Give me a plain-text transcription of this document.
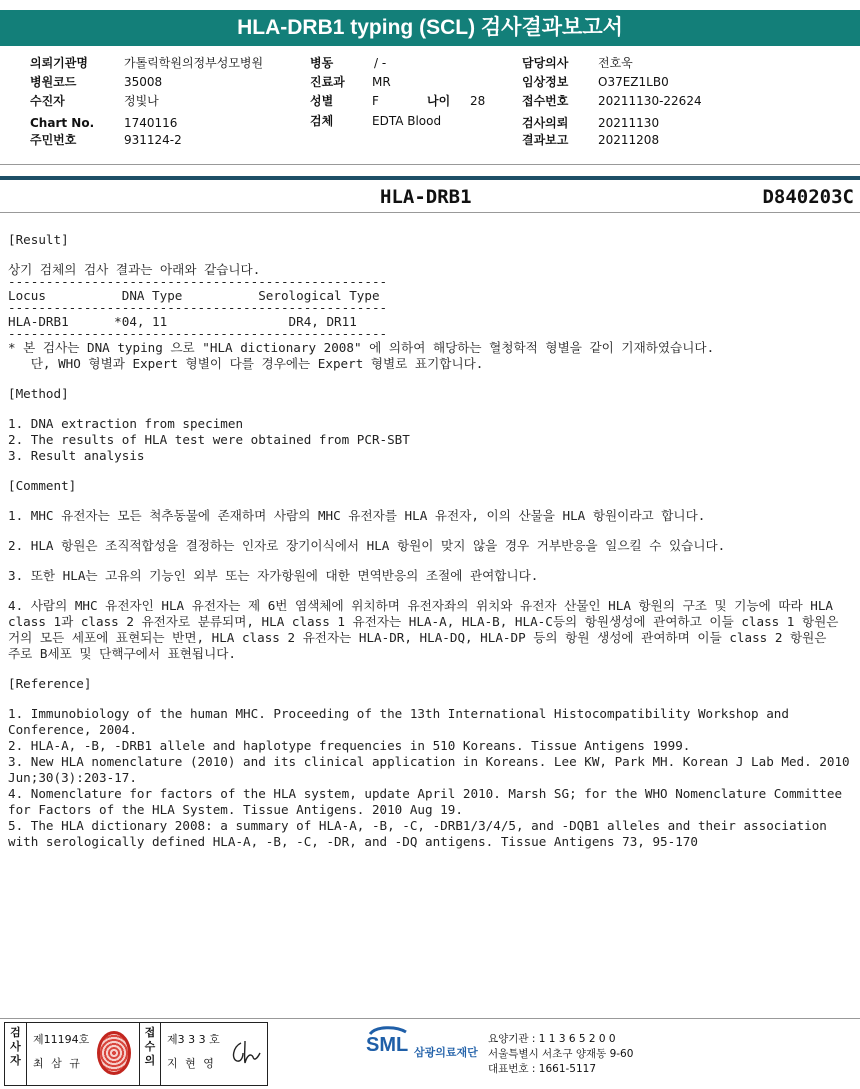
HLA-DRB1 typing (SCL) 검사결과보고서
의뢰기관명	가톨릭학원의정부성모병원
병원코드	35008
수진자	정빛나
Chart No. 1740116
주민번호	931124-2
병동	/ -
진료과 MR
성별	F	나이 28
검체	EDTA Blood
담당의사 전호욱
임상정보 O37EZ1LB0
접수번호 20211130-22624
검사의뢰 20211130
결과보고 20211208
HLA-DRB1	D840203C
[Result]
상기 검체의 검사 결과는 아래와 같습니다.
--------------------------------------------------
Locus          DNA Type          Serological Type
--------------------------------------------------
HLA-DRB1      *04, 11                DR4, DR11
--------------------------------------------------
* 본 검사는 DNA typing 으로 "HLA dictionary 2008" 에 의하여 해당하는 혈청학적 형별을 같이 기재하였습니다.
단, WHO 형별과 Expert 형별이 다를 경우에는 Expert 형별로 표기합니다.
[Method]
1. DNA extraction from specimen
2. The results of HLA test were obtained from PCR-SBT
3. Result analysis
[Comment]
1. MHC 유전자는 모든 척추동물에 존재하며 사람의 MHC 유전자를 HLA 유전자, 이의 산물을 HLA 항원이라고 합니다.
2. HLA 항원은 조직적합성을 결정하는 인자로 장기이식에서 HLA 항원이 맞지 않을 경우 거부반응을 일으킬 수 있습니다.
3. 또한 HLA는 고유의 기능인 외부 또는 자가항원에 대한 면역반응의 조절에 관여합니다.
4. 사람의 MHC 유전자인 HLA 유전자는 제 6번 염색체에 위치하며 유전자좌의 위치와 유전자 산물인 HLA 항원의 구조 및 기능에 따라 HLA class 1과 class 2 유전자로 분류되며, HLA class 1 유전자는 HLA-A, HLA-B, HLA-C등의 항원생성에 관여하고 이들 class 1 항원은 거의 모든 세포에 표현되는 반면, HLA class 2 유전자는 HLA-DR, HLA-DQ, HLA-DP 등의 항원 생성에 관여하며 이들 class 2 항원은 주로 B세포 및 단핵구에서 표현됩니다.
[Reference]
1. Immunobiology of the human MHC. Proceeding of the 13th International Histocompatibility Workshop and Conference, 2004.
2. HLA-A, -B, -DRB1 allele and haplotype frequencies in 510 Koreans. Tissue Antigens 1999.
3. New HLA nomenclature (2010) and its clinical application in Koreans. Lee KW, Park MH. Korean J Lab Med. 2010 Jun;30(3):203-17.
4. Nomenclature for factors of the HLA system, update April 2010. Marsh SG; for the WHO Nomenclature Committee for Factors of the HLA System. Tissue Antigens. 2010 Aug 19.
5. The HLA dictionary 2008: a summary of HLA-A, -B, -C, -DRB1/3/4/5, and -DQB1 alleles and their association with serologically defined HLA-A, -B, -C, -DR, and -DQ antigens. Tissue Antigens 73, 95-170
검사자
제11194호
최 삼 규
접수의
제3 3 3 호
지 현 영
SML 삼광의료재단
요양기관 : 1 1 3 6 5 2 0 0
서울특별시 서초구 양재동 9-60
대표번호 : 1661-5117
